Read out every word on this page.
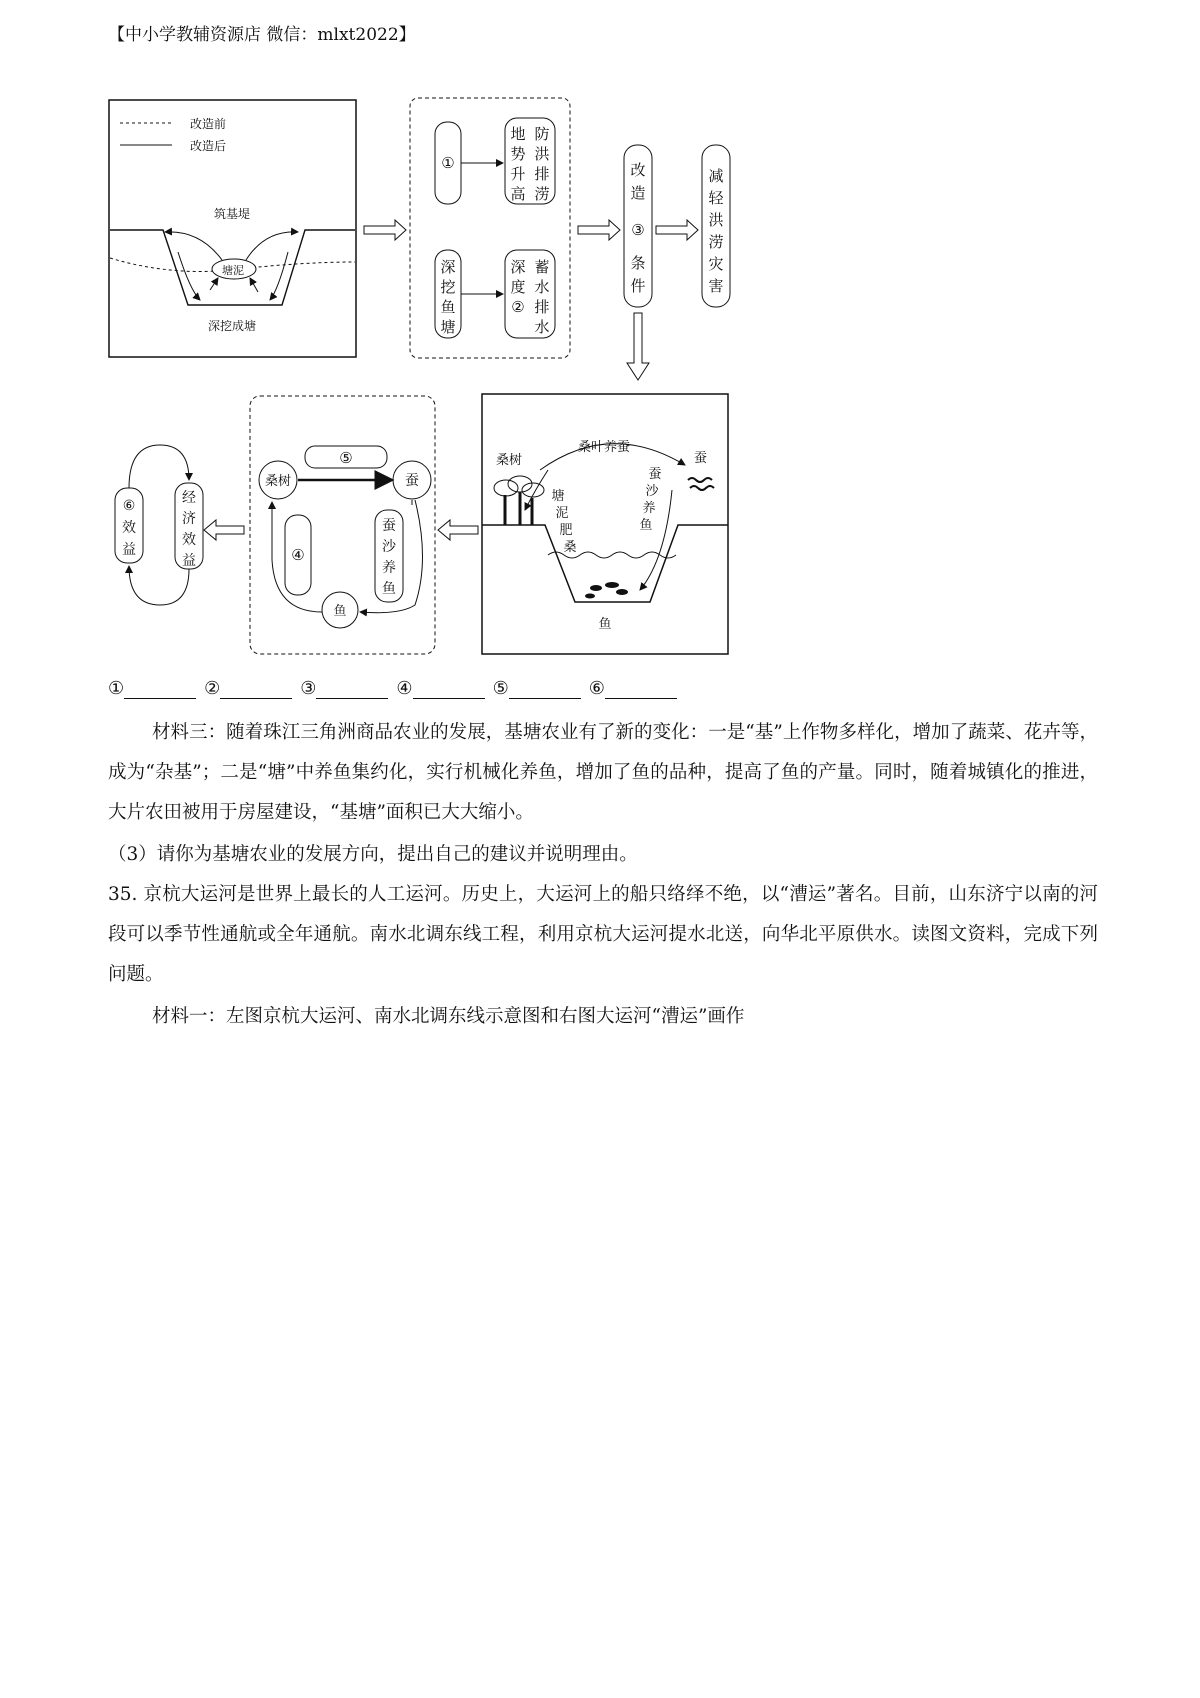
【中小学教辅资源店 微信：mlxt2022】
改造前
改造后
筑基堤
塘泥
深挖成塘
①
地
势
升
高
防
洪
排
涝
深
挖
鱼
塘
深
度
②
蓄
水
排
水
改
造
③
条
件
减
轻
洪
涝
灾
害
桑树
桑叶养蚕
蚕
塘
泥
肥
桑
蚕
沙
养
鱼
鱼
⑤
桑树	蚕
④
蚕
沙
养
鱼
鱼
⑥
效
益
经
济
效
益
①	②	③	④	⑤	⑥
材料三：随着珠江三角洲商品农业的发展，基塘农业有了新的变化：一是“基”上作物多样化，增加了蔬菜、花卉等，成为“杂基”；二是“塘”中养鱼集约化，实行机械化养鱼，增加了鱼的品种，提高了鱼的产量。同时，随着城镇化的推进，大片农田被用于房屋建设，“基塘”面积已大大缩小。
（3）请你为基塘农业的发展方向，提出自己的建议并说明理由。
35. 京杭大运河是世界上最长的人工运河。历史上，大运河上的船只络绎不绝，以“漕运”著名。目前，山东济宁以南的河段可以季节性通航或全年通航。南水北调东线工程，利用京杭大运河提水北送，向华北平原供水。读图文资料，完成下列问题。
材料一：左图京杭大运河、南水北调东线示意图和右图大运河“漕运”画作
